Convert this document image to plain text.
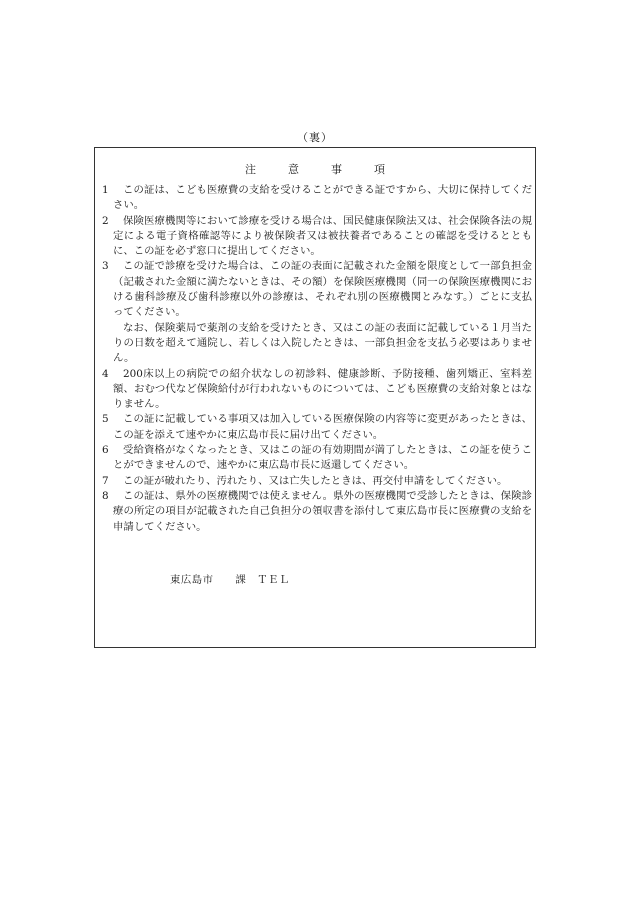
（裏）
注意事項
1	この証は、こども医療費の支給を受けることができる証ですから、大切に保持してください。
2	保険医療機関等において診療を受ける場合は、国民健康保険法又は、社会保険各法の規定による電子資格確認等により被保険者又は被扶養者であることの確認を受けるとともに、この証を必ず窓口に提出してください。
3	この証で診療を受けた場合は、この証の表面に記載された金額を限度として一部負担金（記載された金額に満たないときは、その額）を保険医療機関（同一の保険医療機関における歯科診療及び歯科診療以外の診療は、それぞれ別の医療機関とみなす。）ごとに支払ってください。
なお、保険薬局で薬剤の支給を受けたとき、又はこの証の表面に記載している１月当たりの日数を超えて通院し、若しくは入院したときは、一部負担金を支払う必要はありません。
4	200床以上の病院での紹介状なしの初診料、健康診断、予防接種、歯列矯正、室料差額、おむつ代など保険給付が行われないものについては、こども医療費の支給対象とはなりません。
5	この証に記載している事項又は加入している医療保険の内容等に変更があったときは、この証を添えて速やかに東広島市長に届け出てください。
6	受給資格がなくなったとき、又はこの証の有効期間が満了したときは、この証を使うことができませんので、速やかに東広島市長に返還してください。
7	この証が破れたり、汚れたり、又は亡失したときは、再交付申請をしてください。
8	この証は、県外の医療機関では使えません。県外の医療機関で受診したときは、保険診療の所定の項目が記載された自己負担分の領収書を添付して東広島市長に医療費の支給を申請してください。
東広島市　　課　ＴＥＬ
